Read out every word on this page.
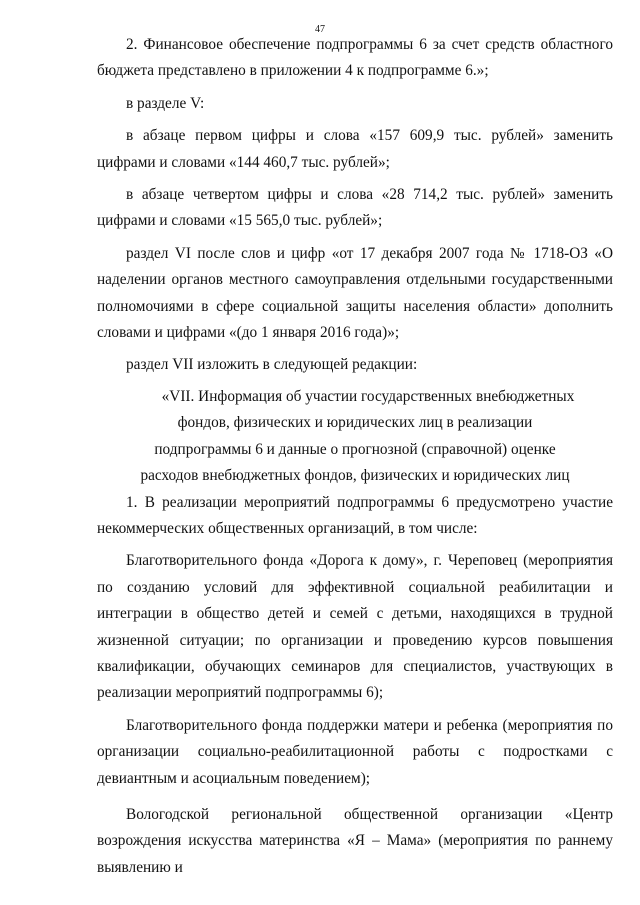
47

2. Финансовое обеспечение подпрограммы 6 за счет средств областного бюджета представлено в приложении 4 к подпрограмме 6.»;

в разделе V:

в абзаце первом цифры и слова «157 609,9 тыс. рублей» заменить цифрами и словами «144 460,7 тыс. рублей»;

в абзаце четвертом цифры и слова «28 714,2 тыс. рублей» заменить цифрами и словами «15 565,0 тыс. рублей»;

раздел VI после слов и цифр «от 17 декабря 2007 года № 1718-ОЗ «О наделении органов местного самоуправления отдельными государственными полномочиями в сфере социальной защиты населения области» дополнить словами и цифрами «(до 1 января 2016 года)»;

раздел VII изложить в следующей редакции:

«VII. Информация об участии государственных внебюджетных
фондов, физических и юридических лиц в реализации
подпрограммы 6 и данные о прогнозной (справочной) оценке
расходов внебюджетных фондов, физических и юридических лиц

1. В реализации мероприятий подпрограммы 6 предусмотрено участие некоммерческих общественных организаций, в том числе:

Благотворительного фонда «Дорога к дому», г. Череповец (мероприятия по созданию условий для эффективной социальной реабилитации и интеграции в общество детей и семей с детьми, находящихся в трудной жизненной ситуации; по организации и проведению курсов повышения квалификации, обучающих семинаров для специалистов, участвующих в реализации мероприятий подпрограммы 6);

Благотворительного фонда поддержки матери и ребенка (мероприятия по организации социально-реабилитационной работы с подростками с девиантным и асоциальным поведением);

Вологодской региональной общественной организации «Центр возрождения искусства материнства «Я – Мама» (мероприятия по раннему выявлению и
